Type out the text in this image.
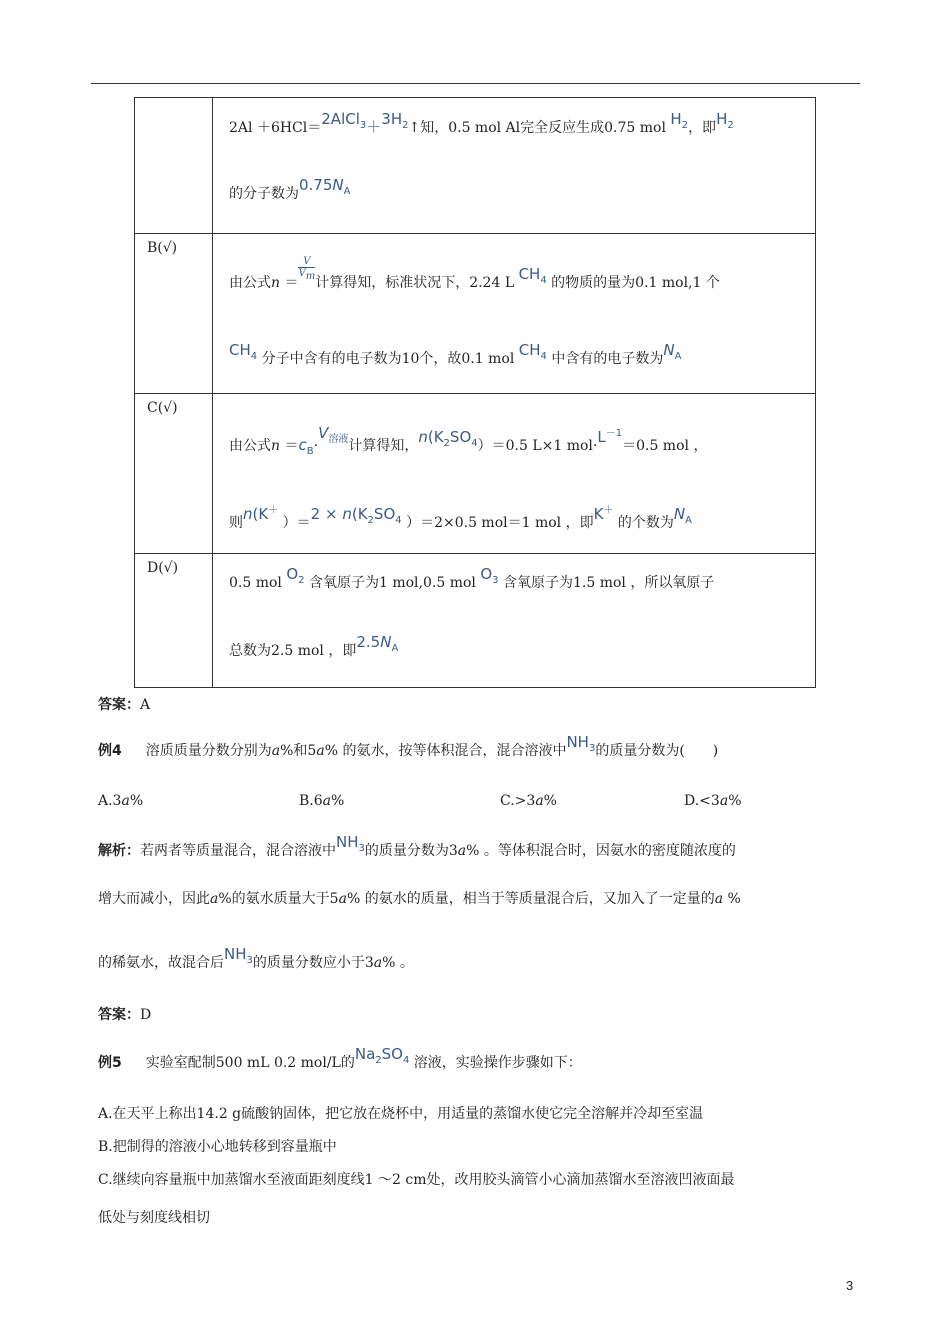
	$2Al +6HCl=2AlCl_3+3H_2↑$知，0.5 mol Al完全反应生成0.75 mol $H_2$，即$H_2$
的分子数为$0.75N_A$

B(√)	由公式n ＝
$\frac{V}{Vm}$
计算得知，标准状况下，2.24 L $CH_4$ 的物质的量为0.1 mol,1 个
$CH_4$ 分子中含有的电子数为10个，故0.1 mol $CH_4$ 中含有的电子数为$N_A$

C(√)	由公式$n =c_B\cdot V_{溶液}$计算得知，$n(K_2SO_4)=0.5$ L×1 $mol\cdot L^{-1}=0.5$ mol ，
则n(K＋ ）$=2 \times n(K_2SO_4$ ）＝2×0.5 mol＝1 mol ，即K＋ 的个数为$N_A$

D(√)	0.5 mol $O_2$ 含氧原子为1 mol,0.5 mol $O_3$ 含氧原子为1.5 mol ，所以氧原子
总数为2.5 mol ，即$2.5N_A$
答案：A
例4 溶质质量分数分别为a%和5a% 的氨水，按等体积混合，混合溶液中$NH_3$的质量分数为(　　)
A.3a%	B.6a%	C.>3a%	D.<3a%
解析：若两者等质量混合，混合溶液中$NH_3$的质量分数为3a% 。等体积混合时，因氨水的密度随浓度的
增大而减小，因此a%的氨水质量大于5a% 的氨水的质量，相当于等质量混合后，又加入了一定量的a %
的稀氨水，故混合后$NH_3$的质量分数应小于3a% 。
答案：D
例5 实验室配制500 mL 0.2 mol/L的$Na_2SO_4$ 溶液，实验操作步骤如下：
A.在天平上称出14.2 g硫酸钠固体，把它放在烧杯中，用适量的蒸馏水使它完全溶解并冷却至室温
B.把制得的溶液小心地转移到容量瓶中
C.继续向容量瓶中加蒸馏水至液面距刻度线1 ～2 cm处，改用胶头滴管小心滴加蒸馏水至溶液凹液面最
低处与刻度线相切
3
